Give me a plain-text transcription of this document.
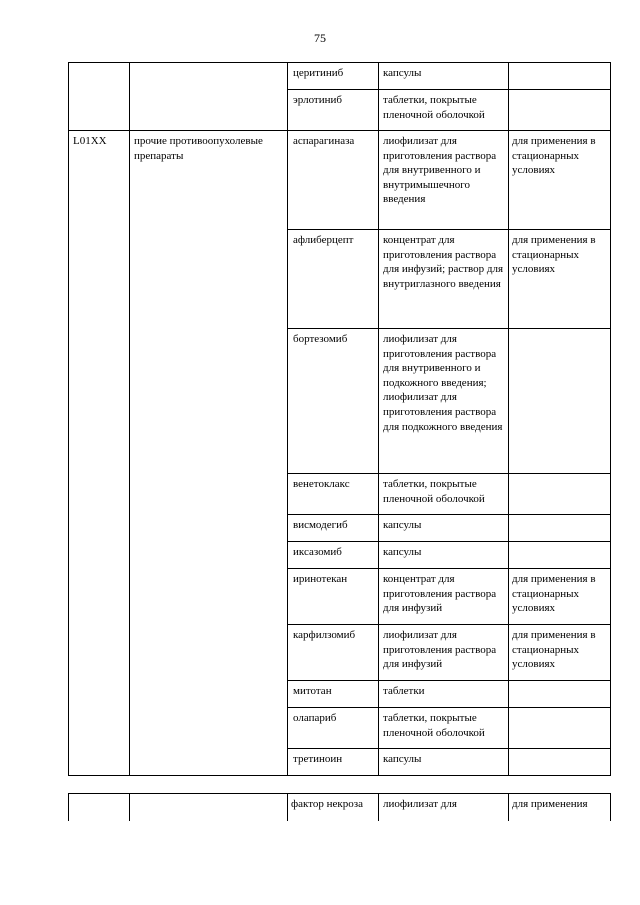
75
		церитиниб	капсулы	
		эрлотиниб	таблетки, покрытые пленочной оболочкой	
L01XX	прочие противоопухолевые препараты	аспарагиназа	лиофилизат для приготовления раствора для внутривенного и внутримышечного введения	для применения в стационарных условиях
		афлиберцепт	концентрат для приготовления раствора для инфузий; раствор для внутриглазного введения	для применения в стационарных условиях
		бортезомиб	лиофилизат для приготовления раствора для внутривенного и подкожного введения; лиофилизат для приготовления раствора для подкожного введения	
		венетоклакс	таблетки, покрытые пленочной оболочкой	
		висмодегиб	капсулы	
		иксазомиб	капсулы	
		иринотекан	концентрат для приготовления раствора для инфузий	для применения в стационарных условиях
		карфилзомиб	лиофилизат для приготовления раствора для инфузий	для применения в стационарных условиях
		митотан	таблетки	
		олапариб	таблетки, покрытые пленочной оболочкой	
		третиноин	капсулы	
		фактор некроза	лиофилизат для	для применения
